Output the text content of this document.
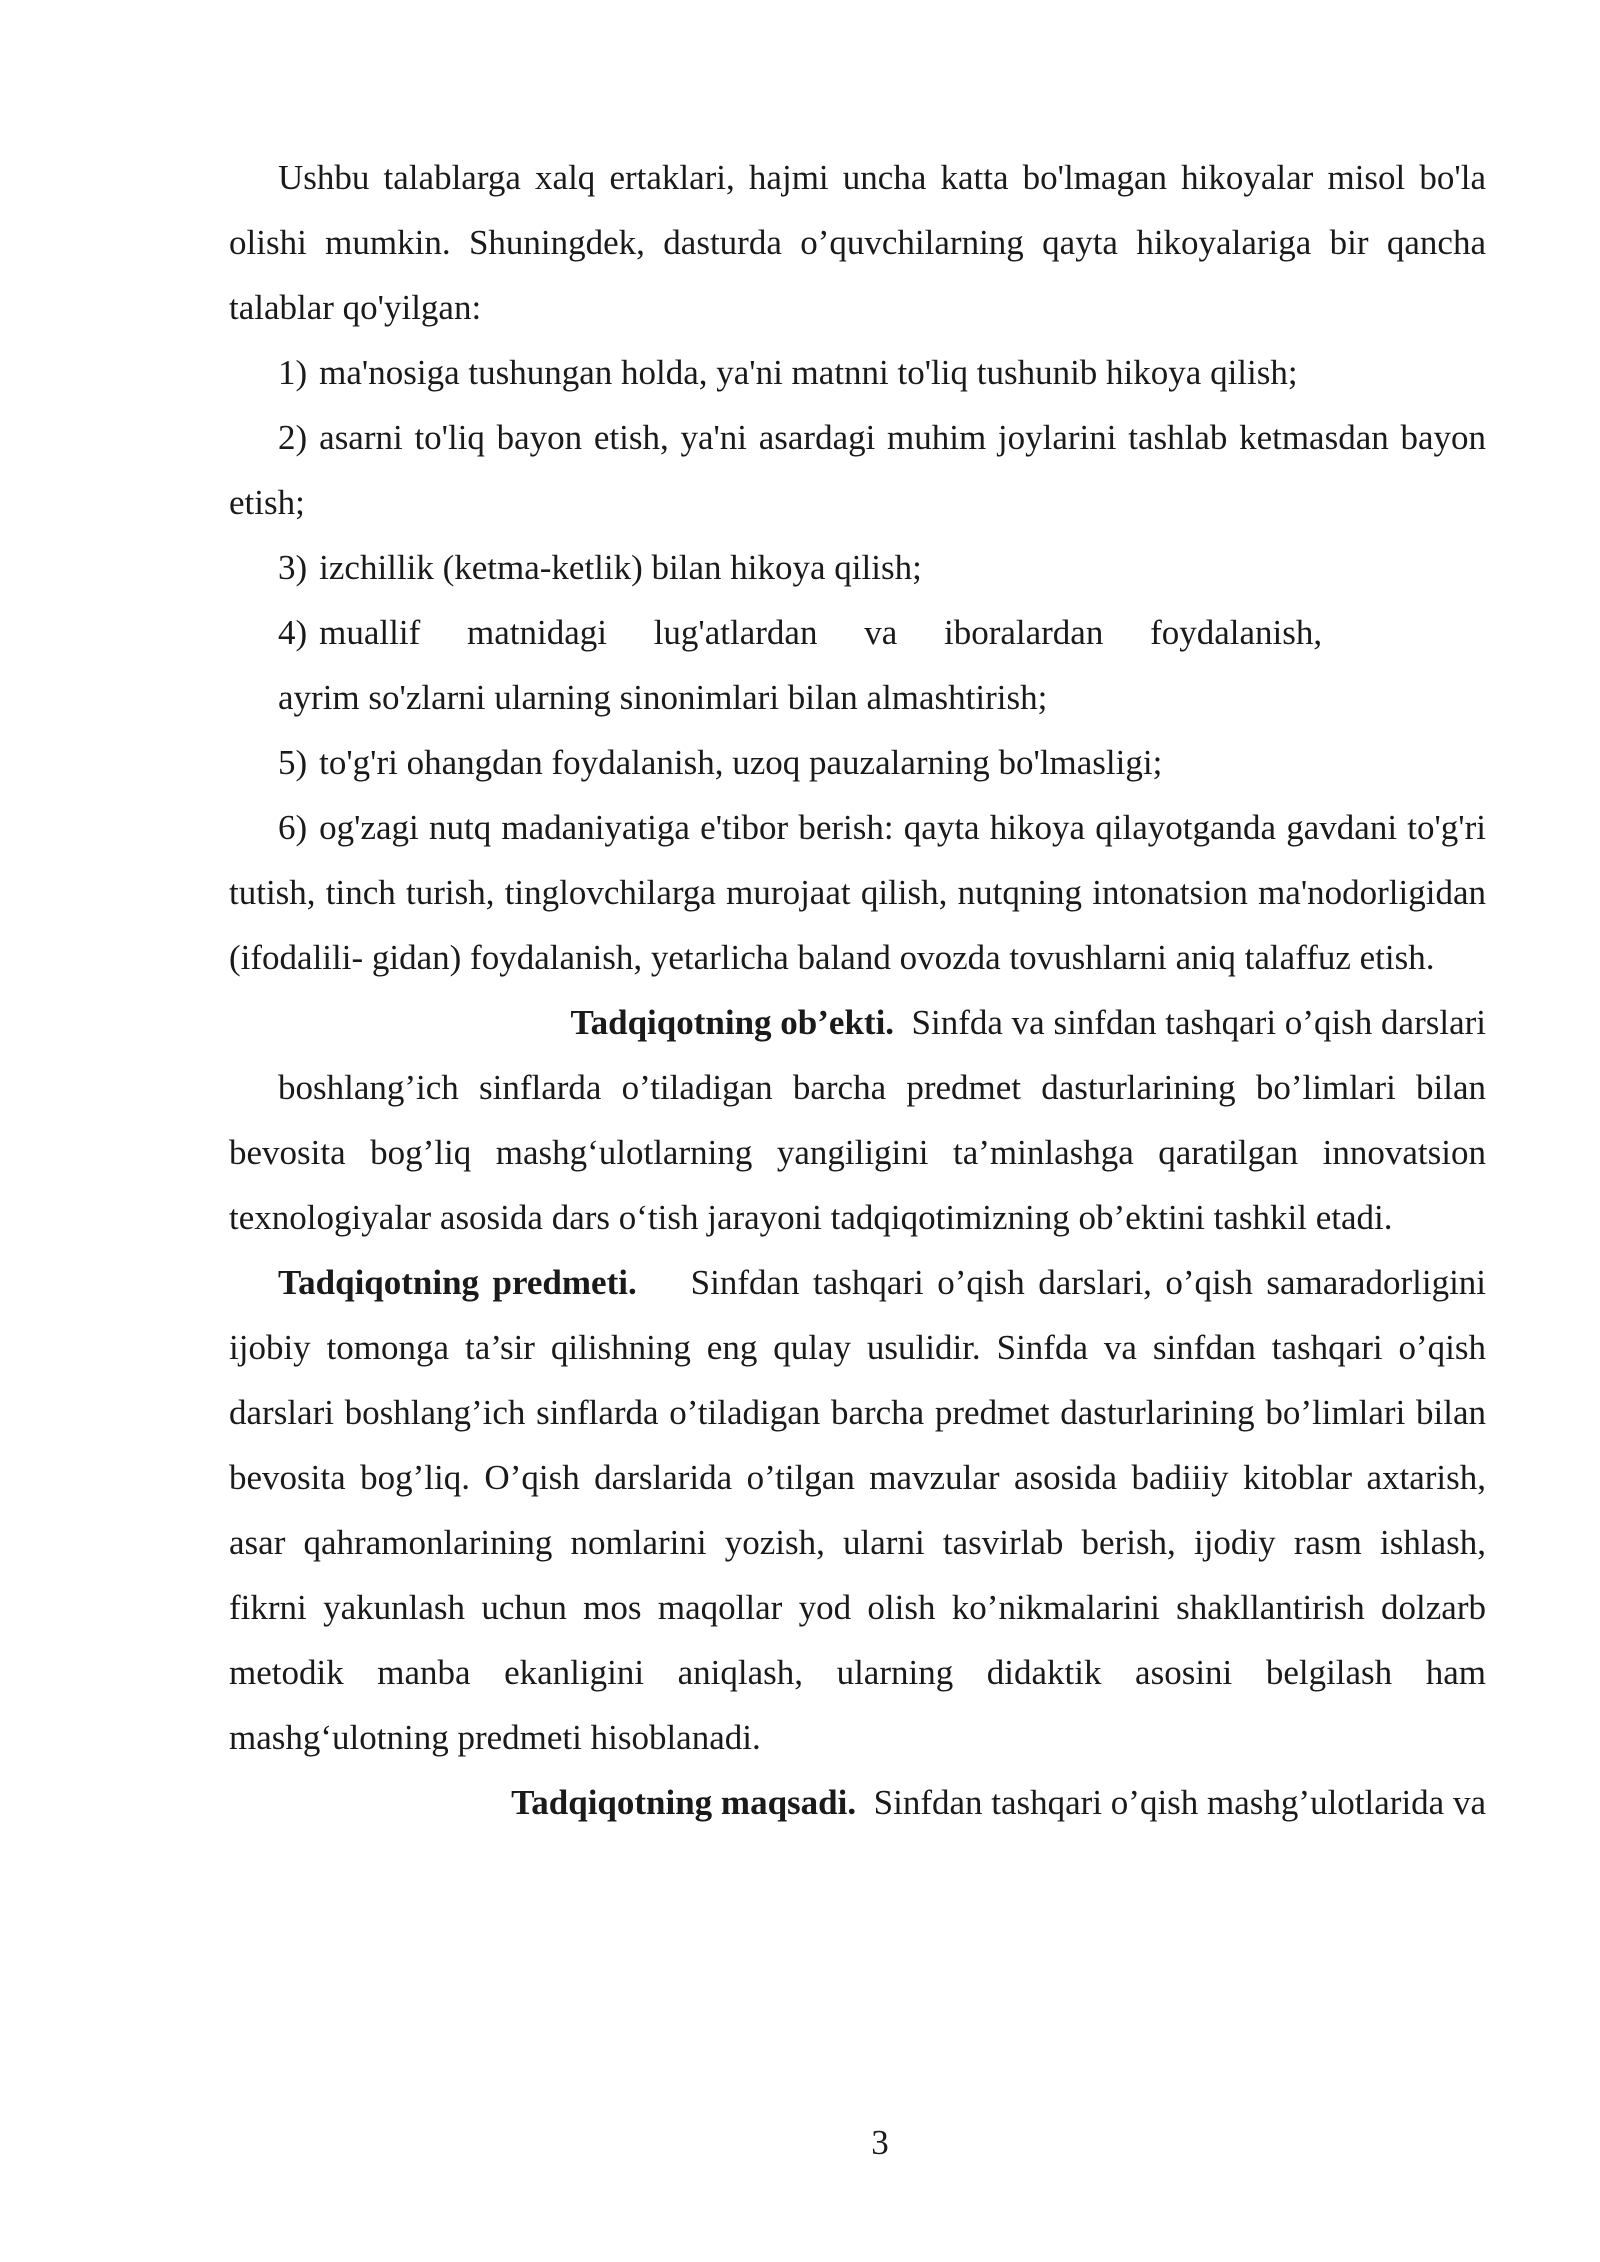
Ushbu talablarga xalq ertaklari, hajmi uncha katta bo'lmagan hikoyalar misol bo'la olishi mumkin. Shuningdek, dasturda o’quvchilarning qayta hikoyalariga bir qancha talablar qo'yilgan:

1) ma'nosiga tushungan holda, ya'ni matnni to'liq tushunib hikoya qilish;

2) asarni to'liq bayon etish, ya'ni asardagi muhim joylarini tashlab ketmasdan bayon etish;

3) izchillik (ketma-ketlik) bilan hikoya qilish;

4) muallif matnidagi lug'atlardan va iboralardan foydalanish,

ayrim so'zlarni ularning sinonimlari bilan almashtirish;

5) to'g'ri ohangdan foydalanish, uzoq pauzalarning bo'lmasligi;

6) og'zagi nutq madaniyatiga e'tibor berish: qayta hikoya qilayotganda gavdani to'g'ri tutish, tinch turish, tinglovchilarga murojaat qilish, nutqning intonatsion ma'nodorligidan (ifodalili- gidan) foydalanish, yetarlicha baland ovozda tovushlarni aniq talaffuz etish.

Tadqiqotning ob’ekti. Sinfda va sinfdan tashqari o’qish darslari

boshlang’ich sinflarda o’tiladigan barcha predmet dasturlarining bo’limlari bilan bevosita bog’liq mashg‘ulotlarning yangiligini ta’minlashga qaratilgan innovatsion texnologiyalar asosida dars o‘tish jarayoni tadqiqotimizning ob’ektini tashkil etadi.

Tadqiqotning predmeti. Sinfdan tashqari o’qish darslari, o’qish samaradorligini ijobiy tomonga ta’sir qilishning eng qulay usulidir. Sinfda va sinfdan tashqari o’qish darslari boshlang’ich sinflarda o’tiladigan barcha predmet dasturlarining bo’limlari bilan bevosita bog’liq. O’qish darslarida o’tilgan mavzular asosida badiiiy kitoblar axtarish, asar qahramonlarining nomlarini yozish, ularni tasvirlab berish, ijodiy rasm ishlash, fikrni yakunlash uchun mos maqollar yod olish ko’nikmalarini shakllantirish dolzarb metodik manba ekanligini aniqlash, ularning didaktik asosini belgilash ham mashg‘ulotning predmeti hisoblanadi.

Tadqiqotning maqsadi. Sinfdan tashqari o’qish mashg’ulotlarida va

3
